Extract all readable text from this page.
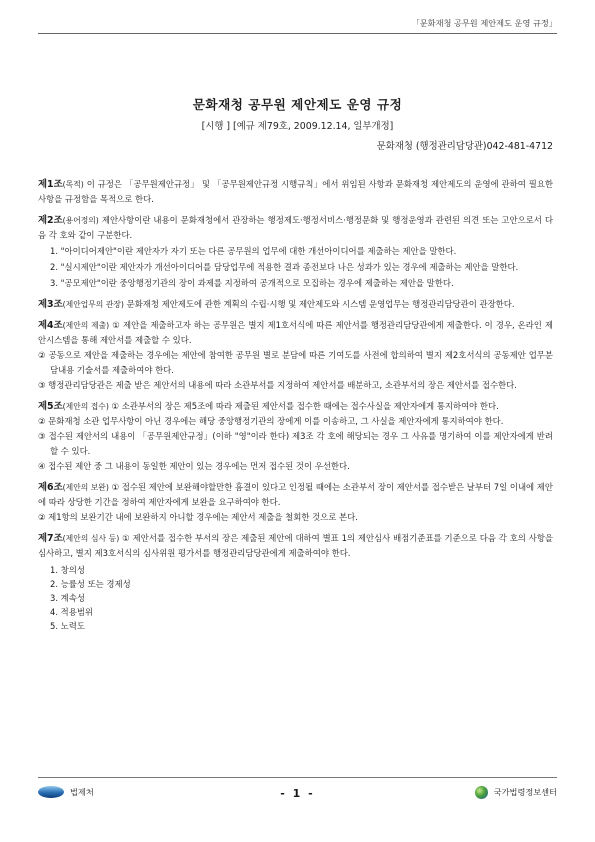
「문화재청 공무원 제안제도 운영 규정」
문화재청 공무원 제안제도 운영 규정
[시행 ] [예규 제79호, 2009.12.14, 일부개정]
문화재청 (행정관리담당관)042-481-4712

제1조(목적) 이 규정은 「공무원제안규정」 및 「공무원제안규정 시행규칙」에서 위임된 사항과 문화재청 제안제도의 운영에 관하여 필요한 사항을 규정함을 목적으로 한다.

제2조(용어정의) 제안사항이란 내용이 문화재청에서 관장하는 행정제도·행정서비스·행정문화 및 행정운영과 관련된 의견 또는 고안으로서 다음 각 호와 같이 구분한다.

1. "아이디어제안"이란 제안자가 자기 또는 다른 공무원의 업무에 대한 개선아이디어를 제출하는 제안을 말한다.

2. "실시제안"이란 제안자가 개선아이디어를 담당업무에 적용한 결과 종전보다 나은 성과가 있는 경우에 제출하는 제안을 말한다.

3. "공모제안"이란 중앙행정기관의 장이 과제를 지정하여 공개적으로 모집하는 경우에 제출하는 제안을 말한다.

제3조(제안업무의 관장) 문화재청 제안제도에 관한 계획의 수립·시행 및 제안제도와 시스템 운영업무는 행정관리담당관이 관장한다.

제4조(제안의 제출) ① 제안을 제출하고자 하는 공무원은 별지 제1호서식에 따른 제안서를 행정관리담당관에게 제출한다. 이 경우, 온라인 제안시스템을 통해 제안서를 제출할 수 있다.

② 공동으로 제안을 제출하는 경우에는 제안에 참여한 공무원 별로 분담에 따른 기여도를 사전에 합의하여 별지 제2호서식의 공동제안 업무분담내용 기술서를 제출하여야 한다.

③ 행정관리담당관은 제출 받은 제안서의 내용에 따라 소관부서를 지정하여 제안서를 배분하고, 소관부서의 장은 제안서를 접수한다.

제5조(제안의 접수) ① 소관부서의 장은 제5조에 따라 제출된 제안서를 접수한 때에는 접수사실을 제안자에게 통지하여야 한다.

② 문화재청 소관 업무사항이 아닌 경우에는 해당 중앙행정기관의 장에게 이를 이송하고, 그 사실을 제안자에게 통지하여야 한다.

③ 접수된 제안서의 내용이 「공무원제안규정」(이하 "영"이라 한다) 제3조 각 호에 해당되는 경우 그 사유를 명기하여 이를 제안자에게 반려할 수 있다.

④ 접수된 제안 중 그 내용이 동일한 제안이 있는 경우에는 먼저 접수된 것이 우선한다.

제6조(제안의 보완) ① 접수된 제안에 보완해야할만한 흠결이 있다고 인정될 때에는 소관부서 장이 제안서를 접수받은 날부터 7일 이내에 제안에 따라 상당한 기간을 정하여 제안자에게 보완을 요구하여야 한다.

② 제1항의 보완기간 내에 보완하지 아니할 경우에는 제안서 제출을 철회한 것으로 본다.

제7조(제안의 심사 등) ① 제안서를 접수한 부서의 장은 제출된 제안에 대하여 별표 1의 제안심사 배점기준표를 기준으로 다음 각 호의 사항을 심사하고, 별지 제3호서식의 심사위원 평가서를 행정관리담당관에게 제출하여야 한다.

1. 창의성
2. 능률성 또는 경제성
3. 계속성
4. 적용범위
5. 노력도
법제처	- 1 -	국가법령정보센터
